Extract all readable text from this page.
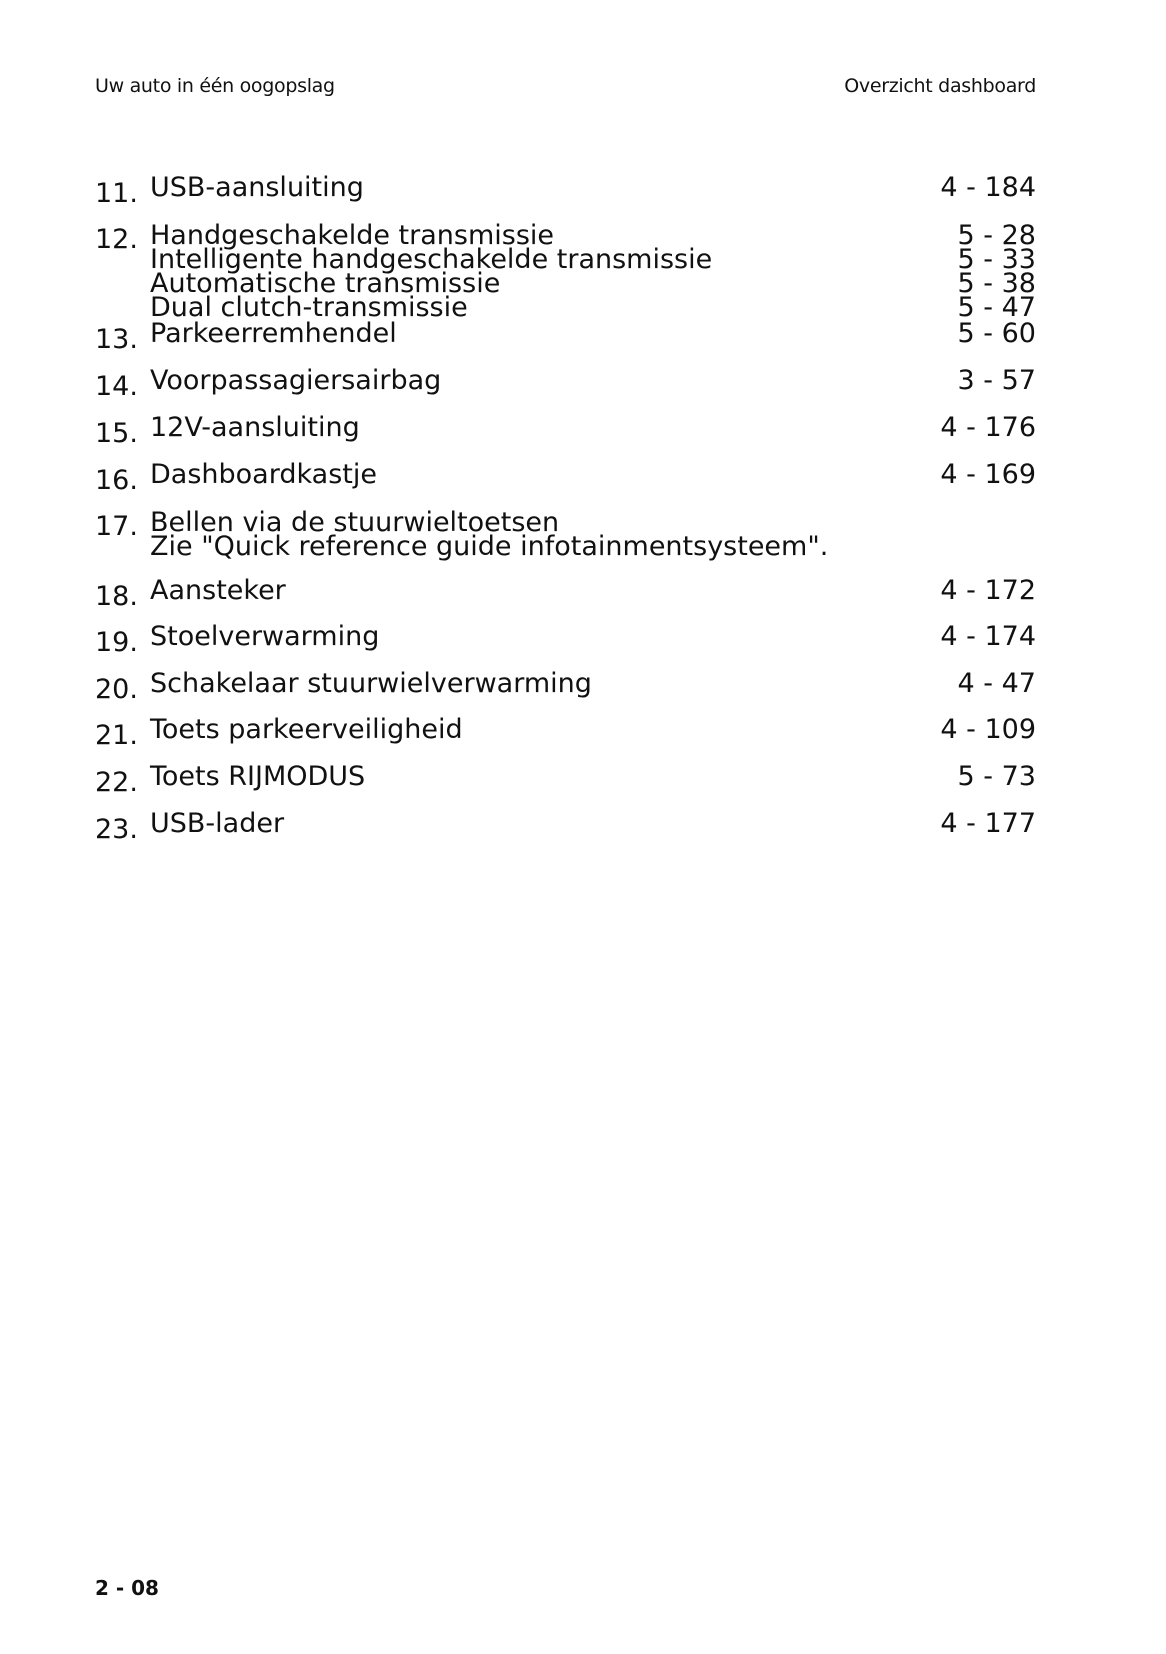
Uw auto in één oogopslag	Overzicht dashboard
11. USB-aansluiting	4 - 184
12. Handgeschakelde transmissie	5 - 28
Intelligente handgeschakelde transmissie	5 - 33
Automatische transmissie	5 - 38
Dual clutch-transmissie	5 - 47
13. Parkeerremhendel	5 - 60
14. Voorpassagiersairbag	3 - 57
15. 12V-aansluiting	4 - 176
16. Dashboardkastje	4 - 169
17. Bellen via de stuurwieltoetsen
Zie "Quick reference guide infotainmentsysteem".
18. Aansteker	4 - 172
19. Stoelverwarming	4 - 174
20. Schakelaar stuurwielverwarming	4 - 47
21. Toets parkeerveiligheid	4 - 109
22. Toets RIJMODUS	5 - 73
23. USB-lader	4 - 177
2 - 08
